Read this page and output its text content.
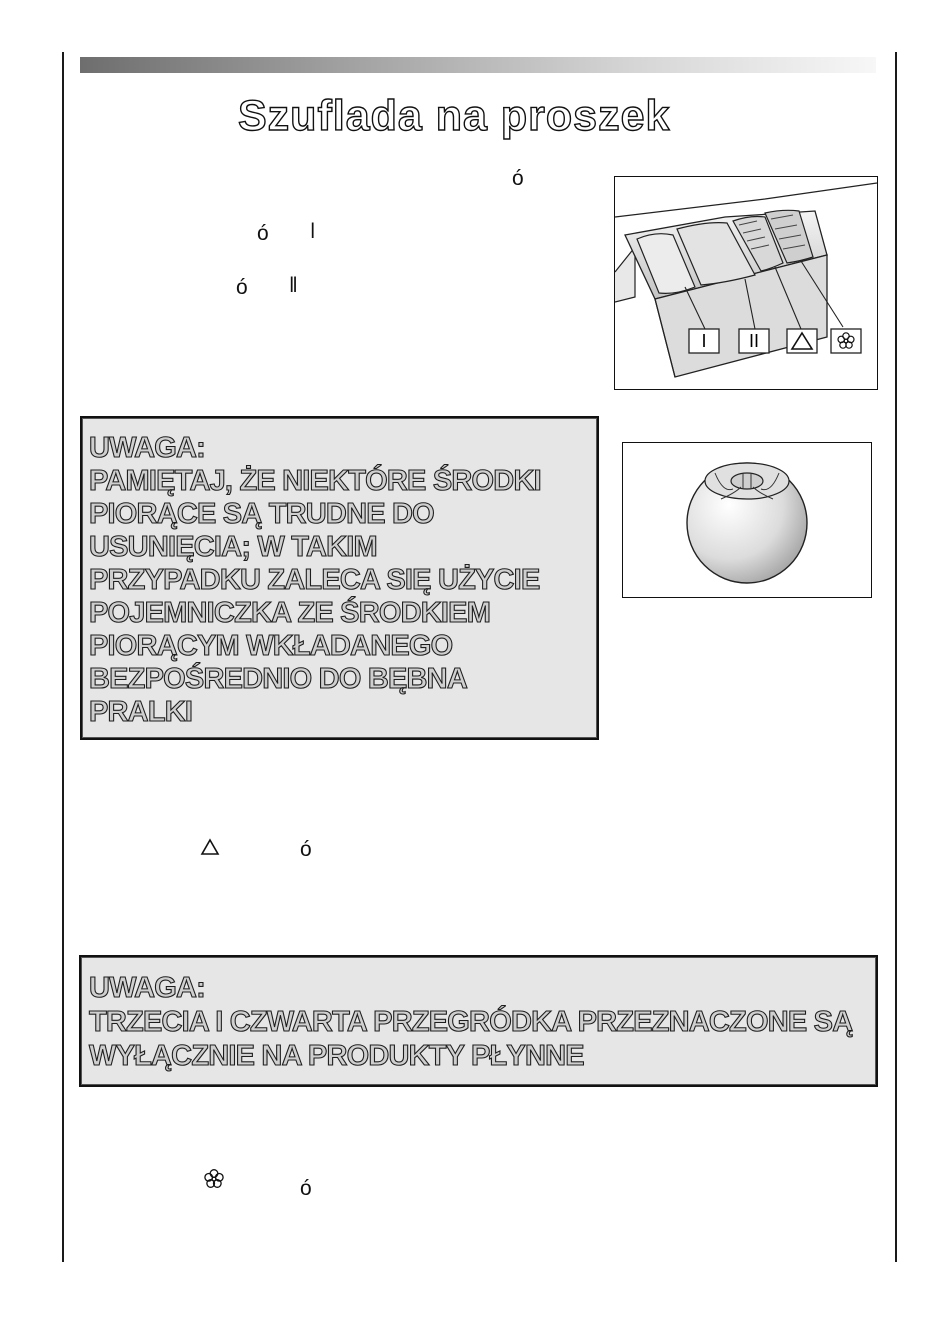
Szuflada na proszek
ó
ó I
ó II
I II
UWAGA:
PAMIĘTAJ, ŻE NIEKTÓRE ŚRODKI
PIORĄCE SĄ TRUDNE DO
USUNIĘCIA; W TAKIM
PRZYPADKU ZALECA SIĘ UŻYCIE
POJEMNICZKA ZE ŚRODKIEM
PIORĄCYM WKŁADANEGO
BEZPOŚREDNIO DO BĘBNA
PRALKI
ó
UWAGA:
TRZECIA I CZWARTA PRZEGRÓDKA PRZEZNACZONE SĄ
WYŁĄCZNIE NA PRODUKTY PŁYNNE
ó
